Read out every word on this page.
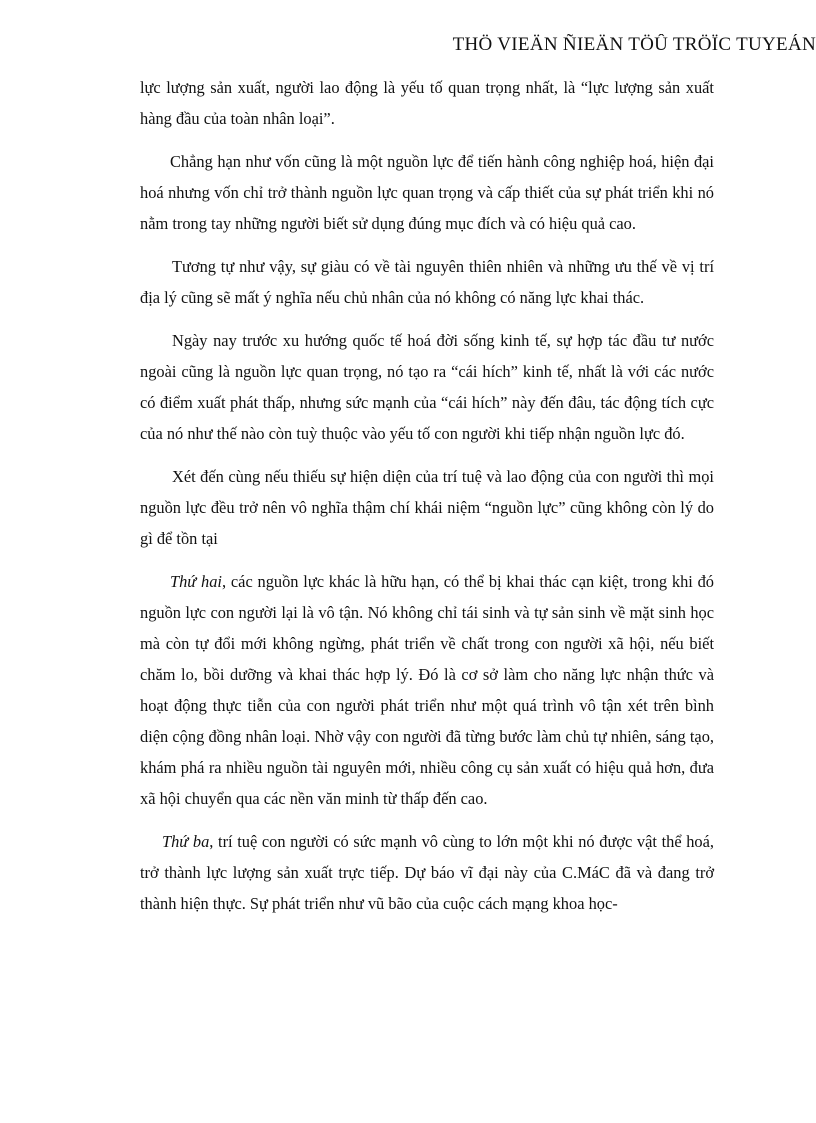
THÖ VIEÄN ÑIEÄN TÖÛ TRÖÏC TUYEÁN

lực lượng sản xuất, người lao động là yếu tố quan trọng nhất, là “lực lượng sản xuất hàng đầu của toàn nhân loại”.

Chẳng hạn như vốn cũng là một nguồn lực để tiến hành công nghiệp hoá, hiện đại hoá nhưng vốn chỉ trở thành nguồn lực quan trọng và cấp thiết của sự phát triển khi nó nằm trong tay những người biết sử dụng đúng mục đích và có hiệu quả cao.

Tương tự như vậy, sự giàu có về tài nguyên thiên nhiên và những ưu thế về vị trí địa lý cũng sẽ mất ý nghĩa nếu chủ nhân của nó không có năng lực khai thác.

Ngày nay trước xu hướng quốc tế hoá đời sống kinh tế, sự hợp tác đầu tư nước ngoài cũng là nguồn lực quan trọng, nó tạo ra “cái hích” kinh tế, nhất là với các nước có điểm xuất phát thấp, nhưng sức mạnh của “cái hích” này đến đâu, tác động tích cực của nó như thế nào còn tuỳ thuộc vào yếu tố con người khi tiếp nhận nguồn lực đó.

Xét đến cùng nếu thiếu sự hiện diện của trí tuệ và lao động của con người thì mọi nguồn lực đều trở nên vô nghĩa thậm chí khái niệm “nguồn lực” cũng không còn lý do gì để tồn tại

Thứ hai, các nguồn lực khác là hữu hạn, có thể bị khai thác cạn kiệt, trong khi đó nguồn lực con người lại là vô tận. Nó không chỉ tái sinh và tự sản sinh về mặt sinh học mà còn tự đổi mới không ngừng, phát triển về chất trong con người xã hội, nếu biết chăm lo, bồi dưỡng và khai thác hợp lý. Đó là cơ sở làm cho năng lực nhận thức và hoạt động thực tiễn của con người phát triển như một quá trình vô tận xét trên bình diện cộng đồng nhân loại. Nhờ vậy con người đã từng bước làm chủ tự nhiên, sáng tạo, khám phá ra nhiều nguồn tài nguyên mới, nhiều công cụ sản xuất có hiệu quả hơn, đưa xã hội chuyển qua các nền văn minh từ thấp đến cao.

Thứ ba, trí tuệ con người có sức mạnh vô cùng to lớn một khi nó được vật thể hoá, trở thành lực lượng sản xuất trực tiếp. Dự báo vĩ đại này của C.MáC đã và đang trở thành hiện thực. Sự phát triển như vũ bão của cuộc cách mạng khoa học-
